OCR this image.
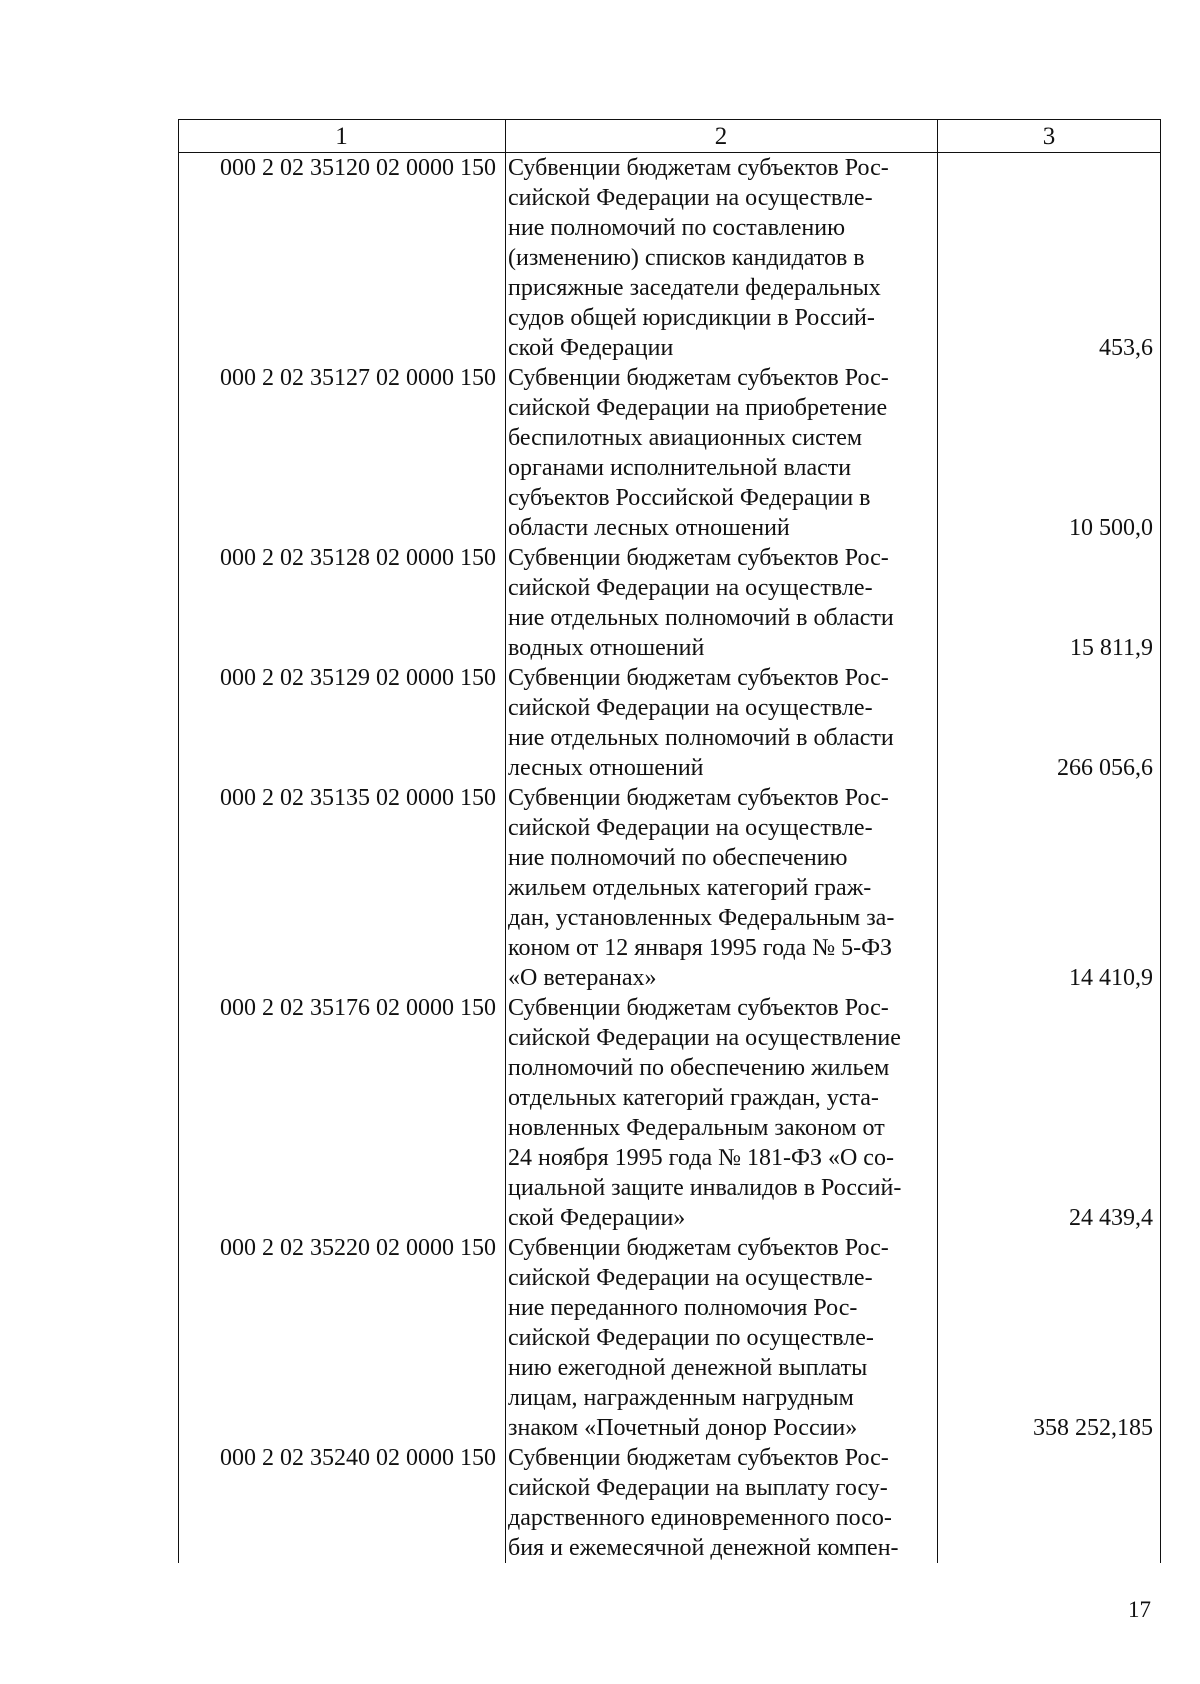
1	2	3
000 2 02 35120 02 0000 150 Субвенции бюджетам субъектов Рос-
сийской Федерации на осуществле-
ние полномочий по составлению
(изменению) списков кандидатов в
присяжные заседатели федеральных
судов общей юрисдикции в Россий-
ской Федерации	453,6
000 2 02 35127 02 0000 150 Субвенции бюджетам субъектов Рос-
сийской Федерации на приобретение
беспилотных авиационных систем
органами исполнительной власти
субъектов Российской Федерации в
области лесных отношений	10 500,0
000 2 02 35128 02 0000 150 Субвенции бюджетам субъектов Рос-
сийской Федерации на осуществле-
ние отдельных полномочий в области
водных отношений	15 811,9
000 2 02 35129 02 0000 150 Субвенции бюджетам субъектов Рос-
сийской Федерации на осуществле-
ние отдельных полномочий в области
лесных отношений	266 056,6
000 2 02 35135 02 0000 150 Субвенции бюджетам субъектов Рос-
сийской Федерации на осуществле-
ние полномочий по обеспечению
жильем отдельных категорий граж-
дан, установленных Федеральным за-
коном от 12 января 1995 года № 5-ФЗ
«О ветеранах»	14 410,9
000 2 02 35176 02 0000 150 Субвенции бюджетам субъектов Рос-
сийской Федерации на осуществление
полномочий по обеспечению жильем
отдельных категорий граждан, уста-
новленных Федеральным законом от
24 ноября 1995 года № 181-ФЗ «О со-
циальной защите инвалидов в Россий-
ской Федерации»	24 439,4
000 2 02 35220 02 0000 150 Субвенции бюджетам субъектов Рос-
сийской Федерации на осуществле-
ние переданного полномочия Рос-
сийской Федерации по осуществле-
нию ежегодной денежной выплаты
лицам, награжденным нагрудным
знаком «Почетный донор России»	358 252,185
000 2 02 35240 02 0000 150 Субвенции бюджетам субъектов Рос-
сийской Федерации на выплату госу-
дарственного единовременного посо-
бия и ежемесячной денежной компен-
17
